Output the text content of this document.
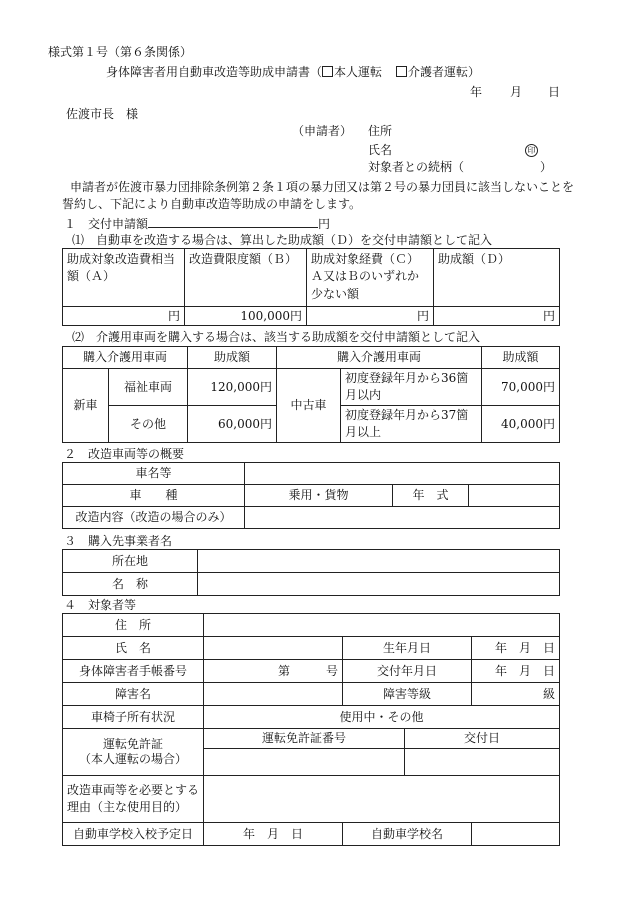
様式第１号（第６条関係）
身体障害者用自動車改造等助成申請書（ 本人運転 介護者運転）
年 月 日
佐渡市長　様
（申請者） 住所
氏名	印
対象者との続柄（	）
申請者が佐渡市暴力団排除条例第２条１項の暴力団又は第２号の暴力団員に該当しないことを
誓約し、下記により自動車改造等助成の申請をします。
１　交付申請額	円
⑴　自動車を改造する場合は、算出した助成額（Ｄ）を交付申請額として記入
助成対象改造費相当額（Ａ）	改造費限度額（Ｂ）	助成対象経費（Ｃ）Ａ又はＢのいずれか少ない額	助成額（Ｄ）
円	100,000円	円	円
⑵　介護用車両を購入する場合は、該当する助成額を交付申請額として記入
購入介護用車両		助成額	購入介護用車両		助成額
新車	福祉車両	120,000円	中古車	初度登録年月から36箇月以内	70,000円
	その他	60,000円		初度登録年月から37箇月以上	40,000円
２　改造車両等の概要
車名等			
車　　種	乗用・貨物	年　式	
改造内容（改造の場合のみ）			
３　購入先事業者名
所在地	
名　称	
４　対象者等
住　所				
氏　名		生年月日		年　月　日
身体障害者手帳番号	第　　　号	交付年月日		年　月　日
障害名		障害等級		級
車椅子所有状況	使用中・その他			

運転免許証
（本人運転の場合）	運転免許証番号		交付日	

改造車両等を必要とする理由（主な使用目的）				
自動車学校入校予定日	年　月　日	自動車学校名		
